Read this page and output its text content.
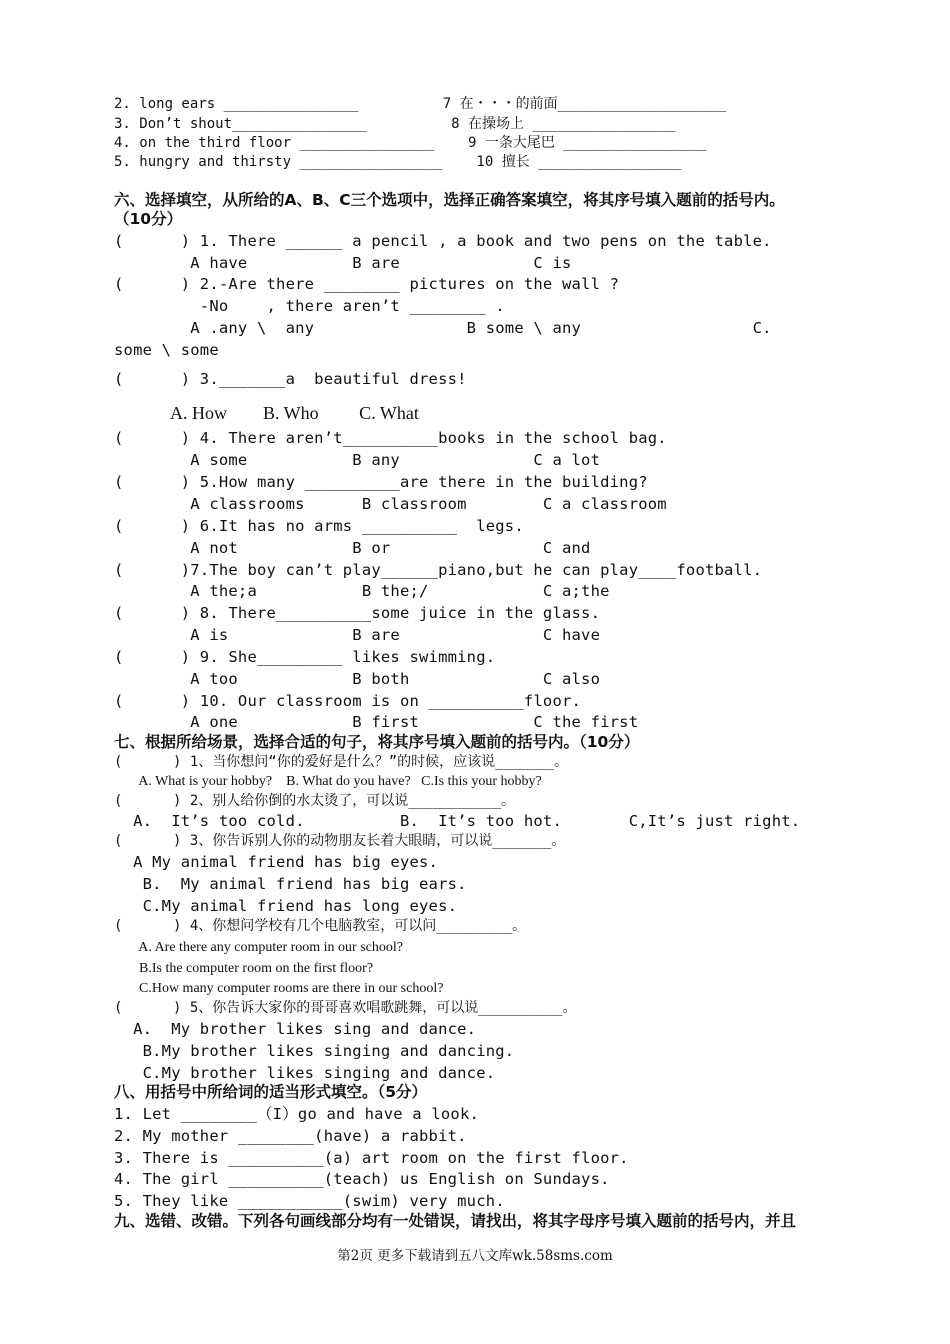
2. long ears ________________          7 在・・・的前面____________________
3. Don’t shout________________          8 在操场上 _________________
4. on the third floor ________________    9 一条大尾巴 _________________
5. hungry and thirsty _________________    10 擅长 _________________
六、选择填空，从所给的A、B、C三个选项中，选择正确答案填空，将其序号填入题前的括号内。
（10分）
(      ) 1. There ______ a pencil , a book and two pens on the table.
A have           B are              C is
(      ) 2.-Are there ________ pictures on the wall ?
-No    , there aren’t ________ .
A .any \  any                B some \ any                  C.
some \ some
(      ) 3._______a  beautiful dress!
A. How        B. Who         C. What
(      ) 4. There aren’t__________books in the school bag.
A some           B any              C a lot
(      ) 5.How many __________are there in the building?
A classrooms      B classroom        C a classroom
(      ) 6.It has no arms __________  legs.
A not            B or                C and
(      )7.The boy can’t play______piano,but he can play____football.
A the;a           B the;/            C a;the
(      ) 8. There__________some juice in the glass.
A is             B are               C have
(      ) 9. She_________ likes swimming.
A too            B both              C also
(      ) 10. Our classroom is on __________floor.
A one            B first            C the first
七、根据所给场景，选择合适的句子，将其序号填入题前的括号内。（10分）
(      ) 1、当你想问“你的爱好是什么？”的时候，应该说_______。
A. What is your hobby?    B. What do you have?   C.Is this your hobby?
(      ) 2、别人给你倒的水太烫了，可以说___________。
A.  It’s too cold.          B.  It’s too hot.       C,It’s just right.
(      ) 3、你告诉别人你的动物朋友长着大眼睛，可以说_______。
A My animal friend has big eyes.
B.  My animal friend has big ears.
C.My animal friend has long eyes.
(      ) 4、你想问学校有几个电脑教室，可以问_________。
A. Are there any computer room in our school?
B.Is the computer room on the first floor?
C.How many computer rooms are there in our school?
(      ) 5、你告诉大家你的哥哥喜欢唱歌跳舞，可以说__________。
A.  My brother likes sing and dance.
B.My brother likes singing and dancing.
C.My brother likes singing and dance.
八、用括号中所给词的适当形式填空。（5分）
1. Let ________（I）go and have a look.
2. My mother ________(have) a rabbit.
3. There is __________(a) art room on the first floor.
4. The girl __________(teach) us English on Sundays.
5. They like ___________(swim) very much.
九、选错、改错。下列各句画线部分均有一处错误，请找出，将其字母序号填入题前的括号内，并且
第2页 更多下载请到五八文库wk.58sms.com
